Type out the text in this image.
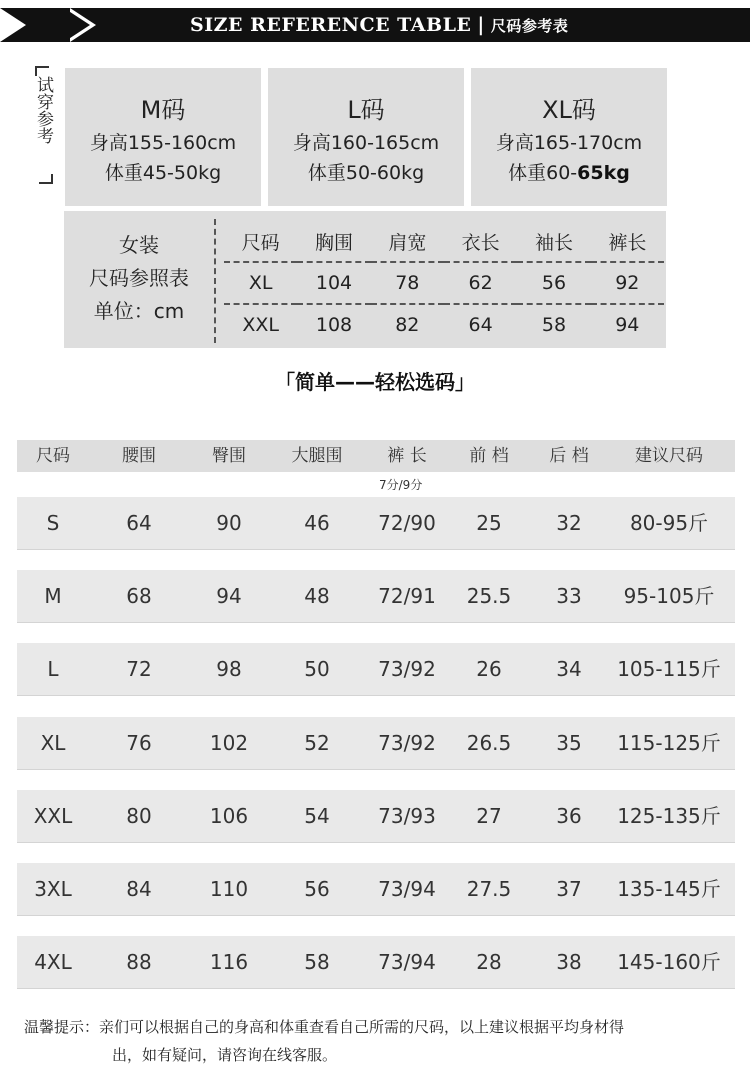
SIZE REFERENCE TABLE | 尺码参考表
试穿参考	M码
身高155-160cm
体重45-50kg
L码
身高160-165cm
体重50-60kg
XL码
身高165-170cm
体重60-65kg
女装
尺码参照表
单位：cm
尺码	胸围	肩宽	衣长	袖长	裤长
XL	104	78	62	56	92
XXL	108	82	64	58	94
「简单——轻松选码」
尺码	腰围	臀围	大腿围	裤 长	前 档	后 档	建议尺码
7分/9分
S	64	90	46	72/90	25	32	80-95斤
M	68	94	48	72/91	25.5	33	95-105斤
L	72	98	50	73/92	26	34	105-115斤
XL	76	102	52	73/92	26.5	35	115-125斤
XXL	80	106	54	73/93	27	36	125-135斤
3XL	84	110	56	73/94	27.5	37	135-145斤
4XL	88	116	58	73/94	28	38	145-160斤
温馨提示：亲们可以根据自己的身高和体重查看自己所需的尺码，以上建议根据平均身材得
出，如有疑问，请咨询在线客服。
